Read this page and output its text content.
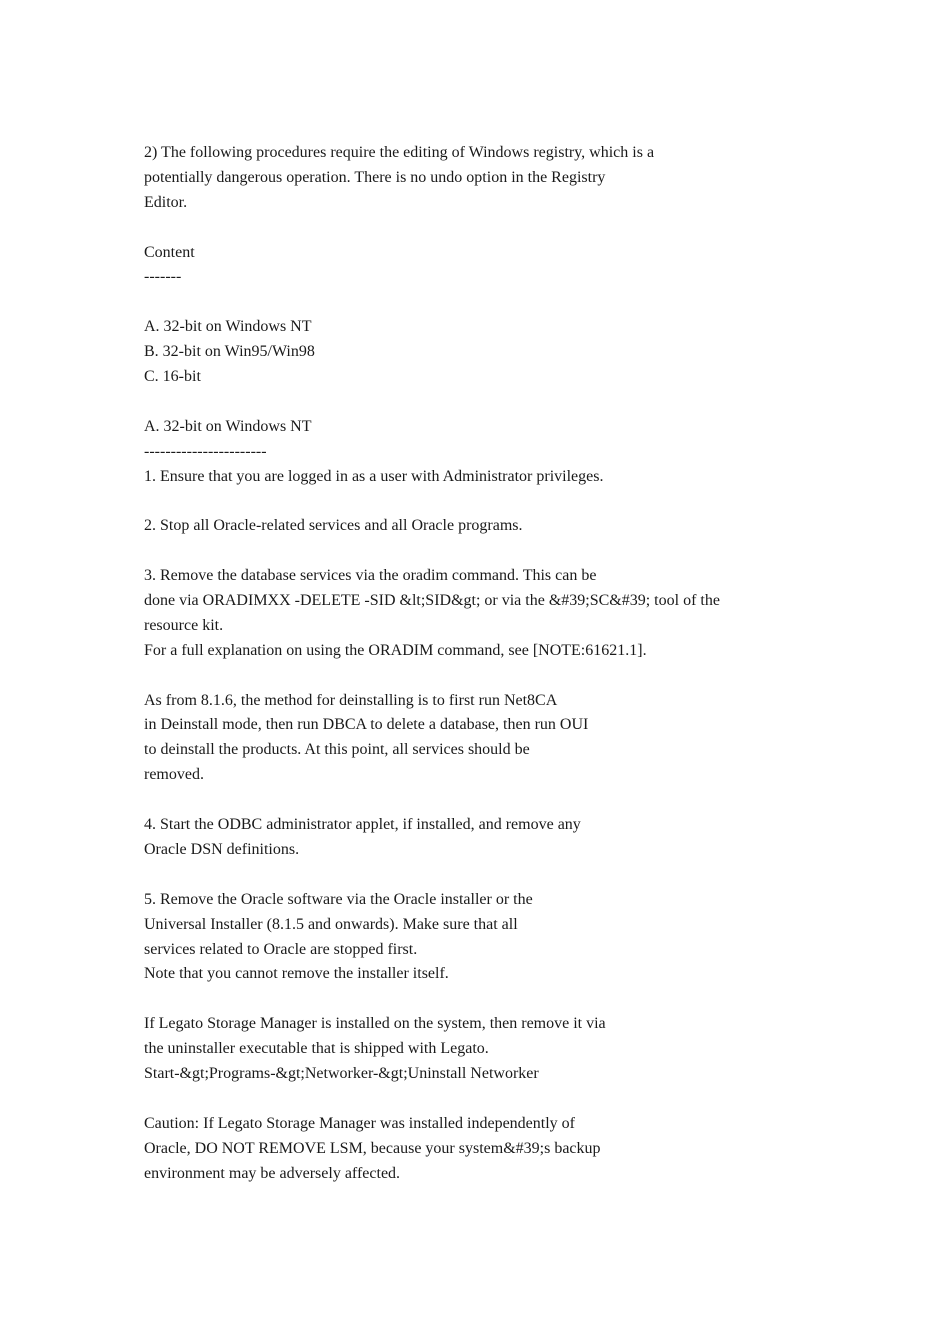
2) The following procedures require the editing of Windows registry, which is a
potentially dangerous operation. There is no undo option in the Registry
Editor.
Content
-------
A. 32-bit on Windows NT
B. 32-bit on Win95/Win98
C. 16-bit
A. 32-bit on Windows NT
-----------------------
1. Ensure that you are logged in as a user with Administrator privileges.
2. Stop all Oracle-related services and all Oracle programs.
3. Remove the database services via the oradim command. This can be
done via ORADIMXX -DELETE -SID &lt;SID&gt; or via the &#39;SC&#39; tool of the
resource kit.
For a full explanation on using the ORADIM command, see [NOTE:61621.1].
As from 8.1.6, the method for deinstalling is to first run Net8CA
in Deinstall mode, then run DBCA to delete a database, then run OUI
to deinstall the products. At this point, all services should be
removed.
4. Start the ODBC administrator applet, if installed, and remove any
Oracle DSN definitions.
5. Remove the Oracle software via the Oracle installer or the
Universal Installer (8.1.5 and onwards). Make sure that all
services related to Oracle are stopped first.
Note that you cannot remove the installer itself.
If Legato Storage Manager is installed on the system, then remove it via
the uninstaller executable that is shipped with Legato.
Start-&gt;Programs-&gt;Networker-&gt;Uninstall Networker
Caution: If Legato Storage Manager was installed independently of
Oracle, DO NOT REMOVE LSM, because your system&#39;s backup
environment may be adversely affected.
